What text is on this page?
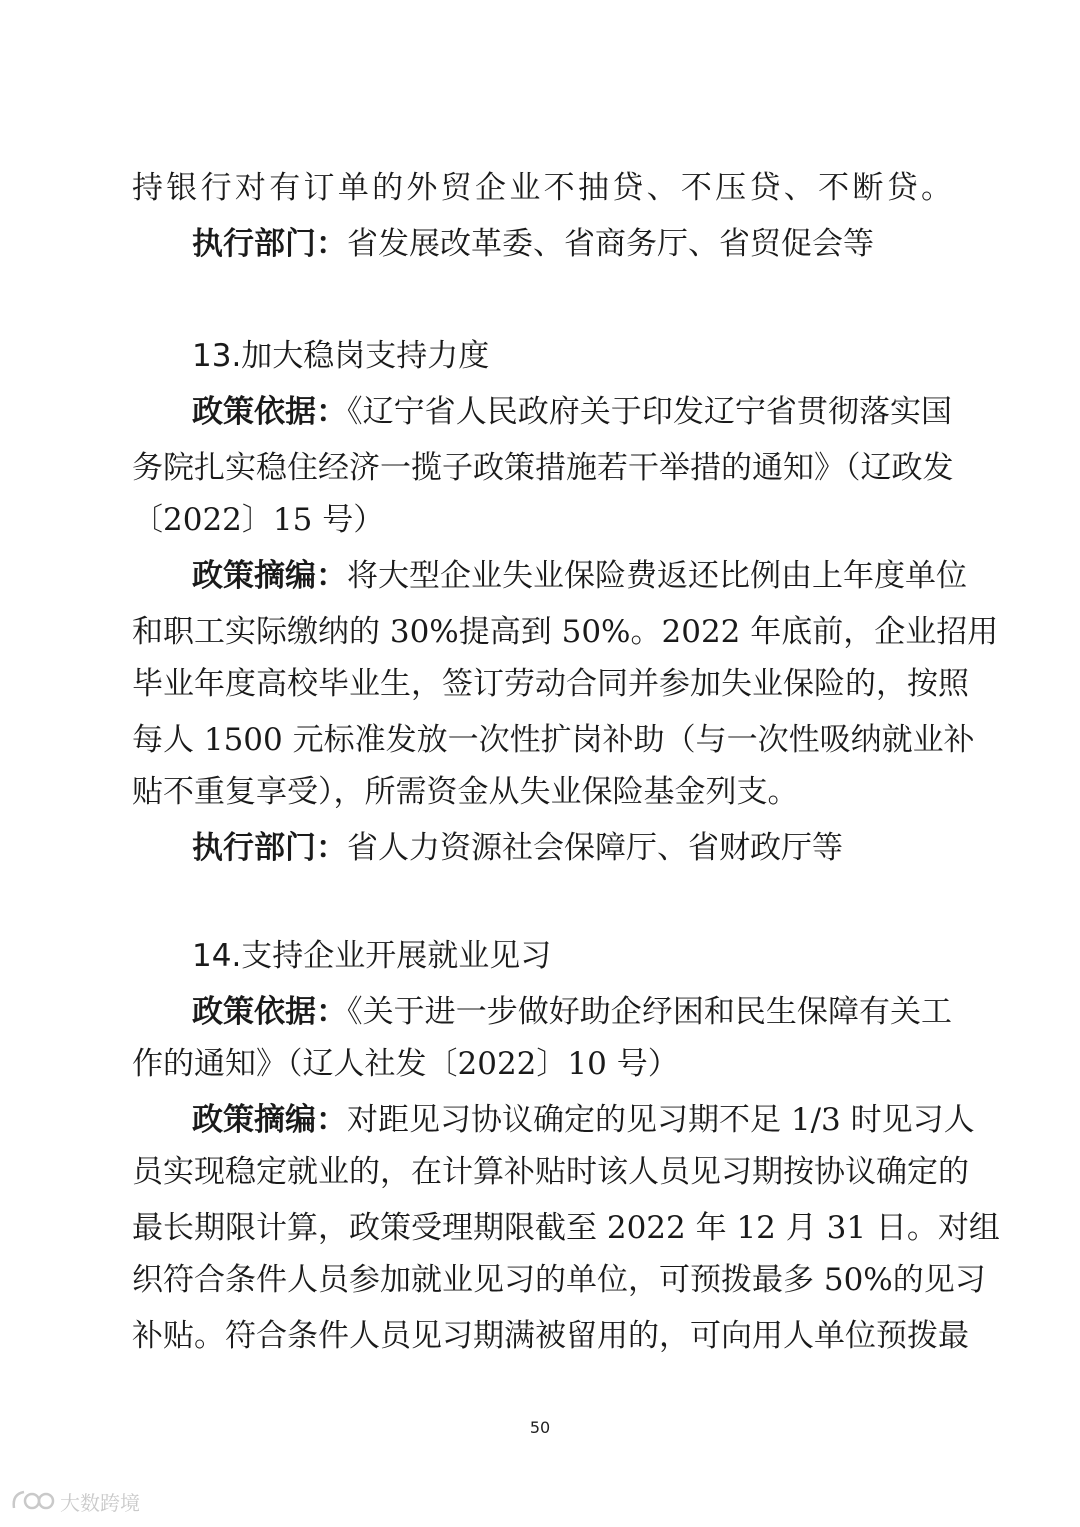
持银行对有订单的外贸企业不抽贷、不压贷、不断贷。
执行部门：省发展改革委、省商务厅、省贸促会等
13.加大稳岗支持力度
政策依据：《辽宁省人民政府关于印发辽宁省贯彻落实国
务院扎实稳住经济一揽子政策措施若干举措的通知》（辽政发
〔2022〕15 号）
政策摘编：将大型企业失业保险费返还比例由上年度单位
和职工实际缴纳的 30%提高到 50%。2022 年底前，企业招用
毕业年度高校毕业生，签订劳动合同并参加失业保险的，按照
每人 1500 元标准发放一次性扩岗补助（与一次性吸纳就业补
贴不重复享受），所需资金从失业保险基金列支。
执行部门：省人力资源社会保障厅、省财政厅等
14.支持企业开展就业见习
政策依据：《关于进一步做好助企纾困和民生保障有关工
作的通知》（辽人社发〔2022〕10 号）
政策摘编：对距见习协议确定的见习期不足 1/3 时见习人
员实现稳定就业的，在计算补贴时该人员见习期按协议确定的
最长期限计算，政策受理期限截至 2022 年 12 月 31 日。对组
织符合条件人员参加就业见习的单位，可预拨最多 50%的见习
补贴。符合条件人员见习期满被留用的，可向用人单位预拨最
50
大数跨境
